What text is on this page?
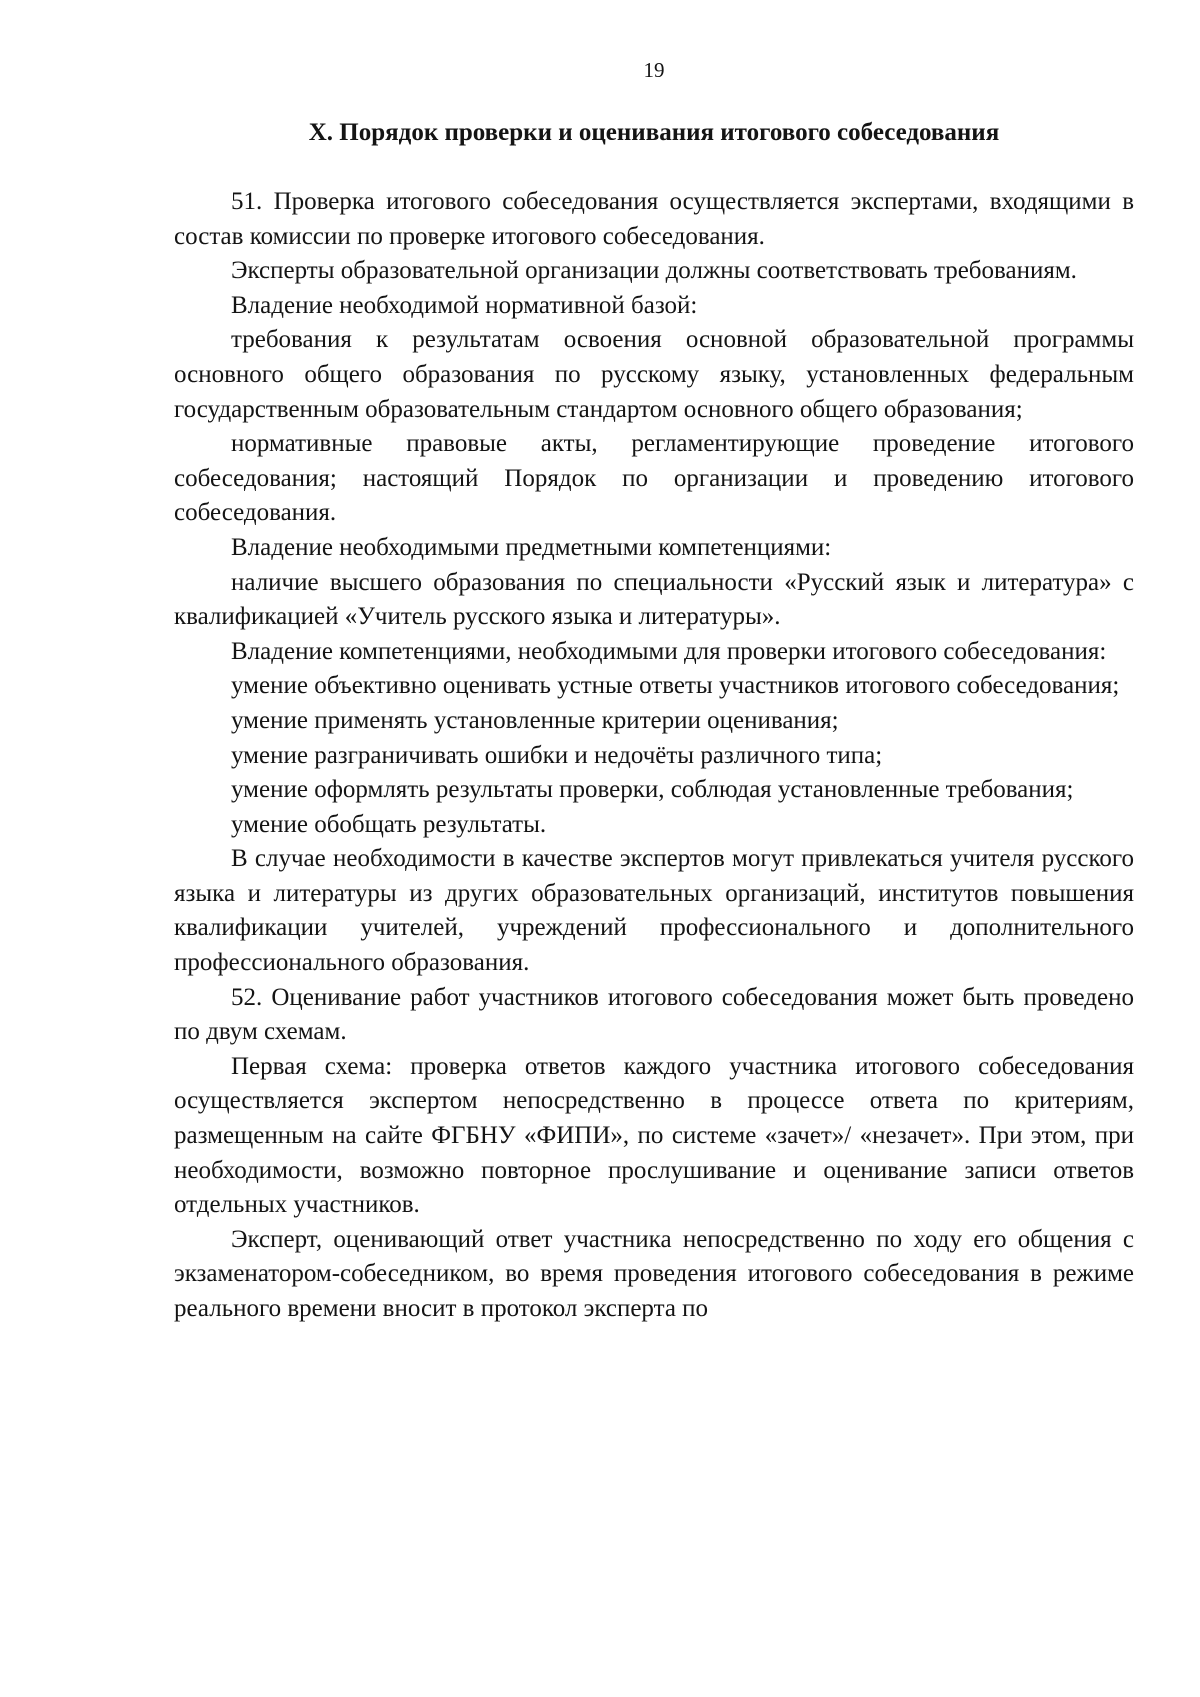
19
X. Порядок проверки и оценивания итогового собеседования

51. Проверка итогового собеседования осуществляется экспертами, входящими в состав комиссии по проверке итогового собеседования.

Эксперты образовательной организации должны соответствовать требованиям.

Владение необходимой нормативной базой:

требования к результатам освоения основной образовательной программы основного общего образования по русскому языку, установленных федеральным государственным образовательным стандартом основного общего образования;

нормативные правовые акты, регламентирующие проведение итогового собеседования; настоящий Порядок по организации и проведению итогового собеседования.

Владение необходимыми предметными компетенциями:

наличие высшего образования по специальности «Русский язык и литература» с квалификацией «Учитель русского языка и литературы».

Владение компетенциями, необходимыми для проверки итогового собеседования:

умение объективно оценивать устные ответы участников итогового собеседования;

умение применять установленные критерии оценивания;

умение разграничивать ошибки и недочёты различного типа;

умение оформлять результаты проверки, соблюдая установленные требования;

умение обобщать результаты.

В случае необходимости в качестве экспертов могут привлекаться учителя русского языка и литературы из других образовательных организаций, институтов повышения квалификации учителей, учреждений профессионального и дополнительного профессионального образования.

52. Оценивание работ участников итогового собеседования может быть проведено по двум схемам.

Первая схема: проверка ответов каждого участника итогового собеседования осуществляется экспертом непосредственно в процессе ответа по критериям, размещенным на сайте ФГБНУ «ФИПИ», по системе «зачет»/ «незачет». При этом, при необходимости, возможно повторное прослушивание и оценивание записи ответов отдельных участников.

Эксперт, оценивающий ответ участника непосредственно по ходу его общения с экзаменатором-собеседником, во время проведения итогового собеседования в режиме реального времени вносит в протокол эксперта по
